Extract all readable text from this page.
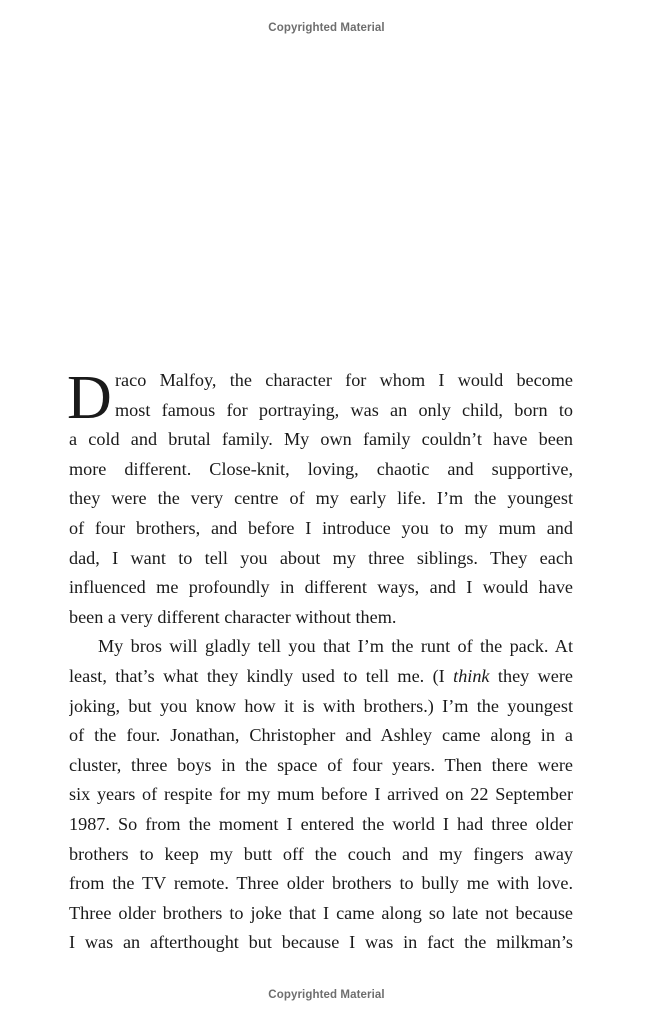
Copyrighted Material
D raco Malfoy, the character for whom I would become
most famous for portraying, was an only child, born to
a cold and brutal family. My own family couldn’t have been
more different. Close-knit, loving, chaotic and supportive,
they were the very centre of my early life. I’m the youngest
of four brothers, and before I introduce you to my mum and
dad, I want to tell you about my three siblings. They each
influenced me profoundly in different ways, and I would have
been a very different character without them.
My bros will gladly tell you that I’m the runt of the pack. At
least, that’s what they kindly used to tell me. (I think they were
joking, but you know how it is with brothers.) I’m the youngest
of the four. Jonathan, Christopher and Ashley came along in a
cluster, three boys in the space of four years. Then there were
six years of respite for my mum before I arrived on 22 September
1987. So from the moment I entered the world I had three older
brothers to keep my butt off the couch and my fingers away
from the TV remote. Three older brothers to bully me with love.
Three older brothers to joke that I came along so late not because
I was an afterthought but because I was in fact the milkman’s
Copyrighted Material
